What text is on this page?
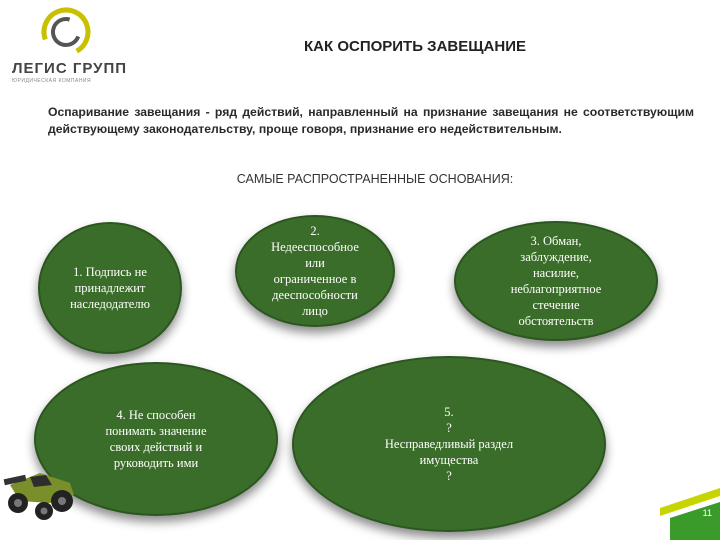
ЛЕГИС ГРУПП
ЮРИДИЧЕСКАЯ КОМПАНИЯ
КАК ОСПОРИТЬ ЗАВЕЩАНИЕ
Оспаривание завещания - ряд действий, направленный на признание завещания не соответствующим действующему законодательству, проще говоря, признание его недействительным.
САМЫЕ РАСПРОСТРАНЕННЫЕ ОСНОВАНИЯ:
1. Подпись не
принадлежит
наследодателю
2.
Недееспособное
или
ограниченное в
дееспособности
лицо
3. Обман,
заблуждение,
насилие,
неблагоприятное
стечение
обстоятельств
4. Не способен
понимать значение
своих действий и
руководить ими
5.
?
Несправедливый раздел
имущества
?
11
